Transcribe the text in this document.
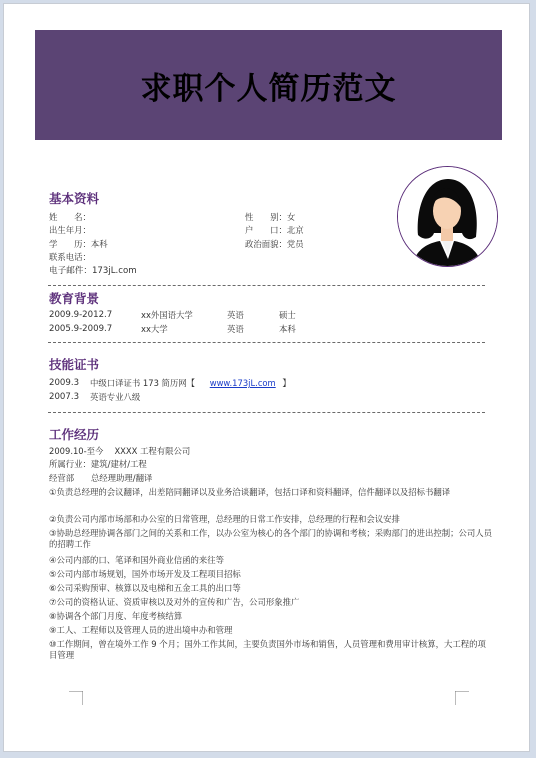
求职个人简历范文
基本资料
姓　　名：
出生年月：
学　　历：本科
联系电话：
电子邮件：173jL.com
性　　别：女
户　　口：北京
政治面貌：党员
教育背景
2009.9-2012.7	xx外国语大学	英语	硕士
2005.9-2009.7	xx大学	英语	本科
技能证书
2009.3 中级口译证书 173 简历网【 www.173jL.com 】
2007.3 英语专业八级
工作经历
2009.10-至今　 XXXX 工程有限公司
所属行业：建筑/建材/工程
经营部　　总经理助理/翻译
①负责总经理的会议翻译，出差陪同翻译以及业务洽谈翻译，包括口译和资料翻译，信件翻译以及招标书翻译
②负责公司内部市场部和办公室的日常管理，总经理的日常工作安排，总经理的行程和会议安排
③协助总经理协调各部门之间的关系和工作，以办公室为核心的各个部门的协调和考核；采购部门的进出控制；公司人员的招聘工作
④公司内部的口、笔译和国外商业信函的来往等
⑤公司内部市场规划，国外市场开发及工程项目招标
⑥公司采购预审、核算以及电梯和五金工具的出口等
⑦公司的资格认证、资质审核以及对外的宣传和广告，公司形象推广
⑧协调各个部门月度、年度考核结算
⑨工人、工程师以及管理人员的进出境申办和管理
⑩工作期间，曾在境外工作 9 个月；国外工作其间，主要负责国外市场和销售，人员管理和费用审计核算，大工程的项目管理
